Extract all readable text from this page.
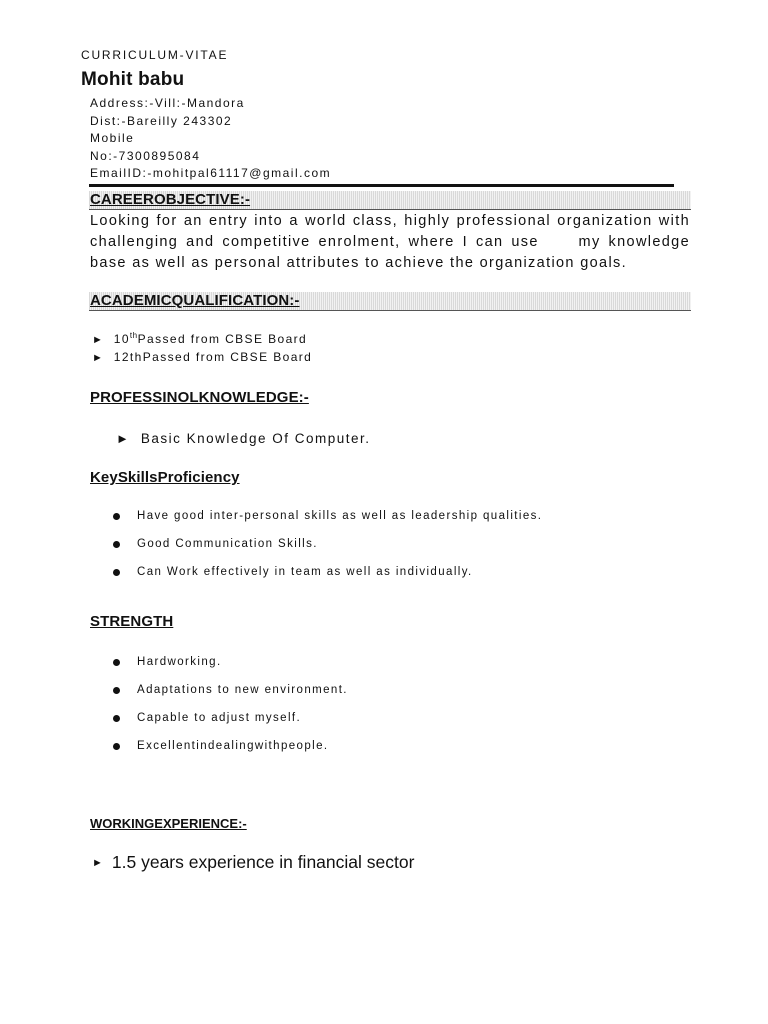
CURRICULUM-VITAE
Mohit babu
Address:-Vill:-Mandora
Dist:-Bareilly 243302
Mobile
No:-7300895084
EmailID:-mohitpal61117@gmail.com
CAREEROBJECTIVE:-
Looking for an entry into a world class, highly professional organization with challenging and competitive enrolment, where I can use     my knowledge base as well as personal attributes to achieve the organization goals.
ACADEMICQUALIFICATION:-
► 10thPassed from CBSE Board
► 12thPassed from CBSE Board
PROFESSINOLKNOWLEDGE:-
► Basic Knowledge Of Computer.
KeySkillsProficiency
Have good inter-personal skills as well as leadership qualities.
Good Communication Skills.
Can Work effectively in team as well as individually.
STRENGTH
Hardworking.
Adaptations to new environment.
Capable to adjust myself.
Excellentindealingwithpeople.
WORKINGEXPERIENCE:-
► 1.5 years experience in financial sector
